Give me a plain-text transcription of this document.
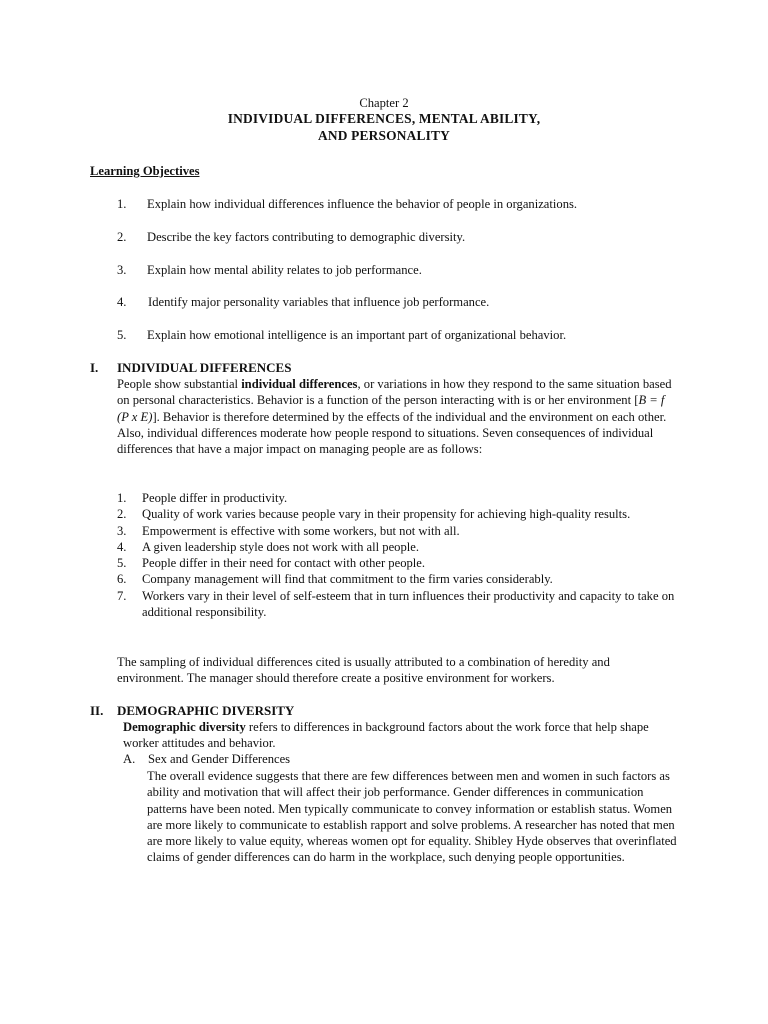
Chapter 2
INDIVIDUAL DIFFERENCES, MENTAL ABILITY,
AND PERSONALITY
Learning Objectives
1. Explain how individual differences influence the behavior of people in organizations.
2. Describe the key factors contributing to demographic diversity.
3. Explain how mental ability relates to job performance.
4. Identify major personality variables that influence job performance.
5. Explain how emotional intelligence is an important part of organizational behavior.
I. INDIVIDUAL DIFFERENCES
People show substantial individual differences, or variations in how they respond to the same situation based on personal characteristics. Behavior is a function of the person interacting with is or her environment [B = f (P x E)]. Behavior is therefore determined by the effects of the individual and the environment on each other. Also, individual differences moderate how people respond to situations. Seven consequences of individual differences that have a major impact on managing people are as follows:
1. People differ in productivity.
2. Quality of work varies because people vary in their propensity for achieving high-quality results.
3. Empowerment is effective with some workers, but not with all.
4. A given leadership style does not work with all people.
5. People differ in their need for contact with other people.
6. Company management will find that commitment to the firm varies considerably.
7. Workers vary in their level of self-esteem that in turn influences their productivity and capacity to take on additional responsibility.
The sampling of individual differences cited is usually attributed to a combination of heredity and environment. The manager should therefore create a positive environment for workers.
II. DEMOGRAPHIC DIVERSITY
Demographic diversity refers to differences in background factors about the work force that help shape worker attitudes and behavior.
A. Sex and Gender Differences
The overall evidence suggests that there are few differences between men and women in such factors as ability and motivation that will affect their job performance. Gender differences in communication patterns have been noted. Men typically communicate to convey information or establish status. Women are more likely to communicate to establish rapport and solve problems. A researcher has noted that men are more likely to value equity, whereas women opt for equality. Shibley Hyde observes that overinflated claims of gender differences can do harm in the workplace, such denying people opportunities.
